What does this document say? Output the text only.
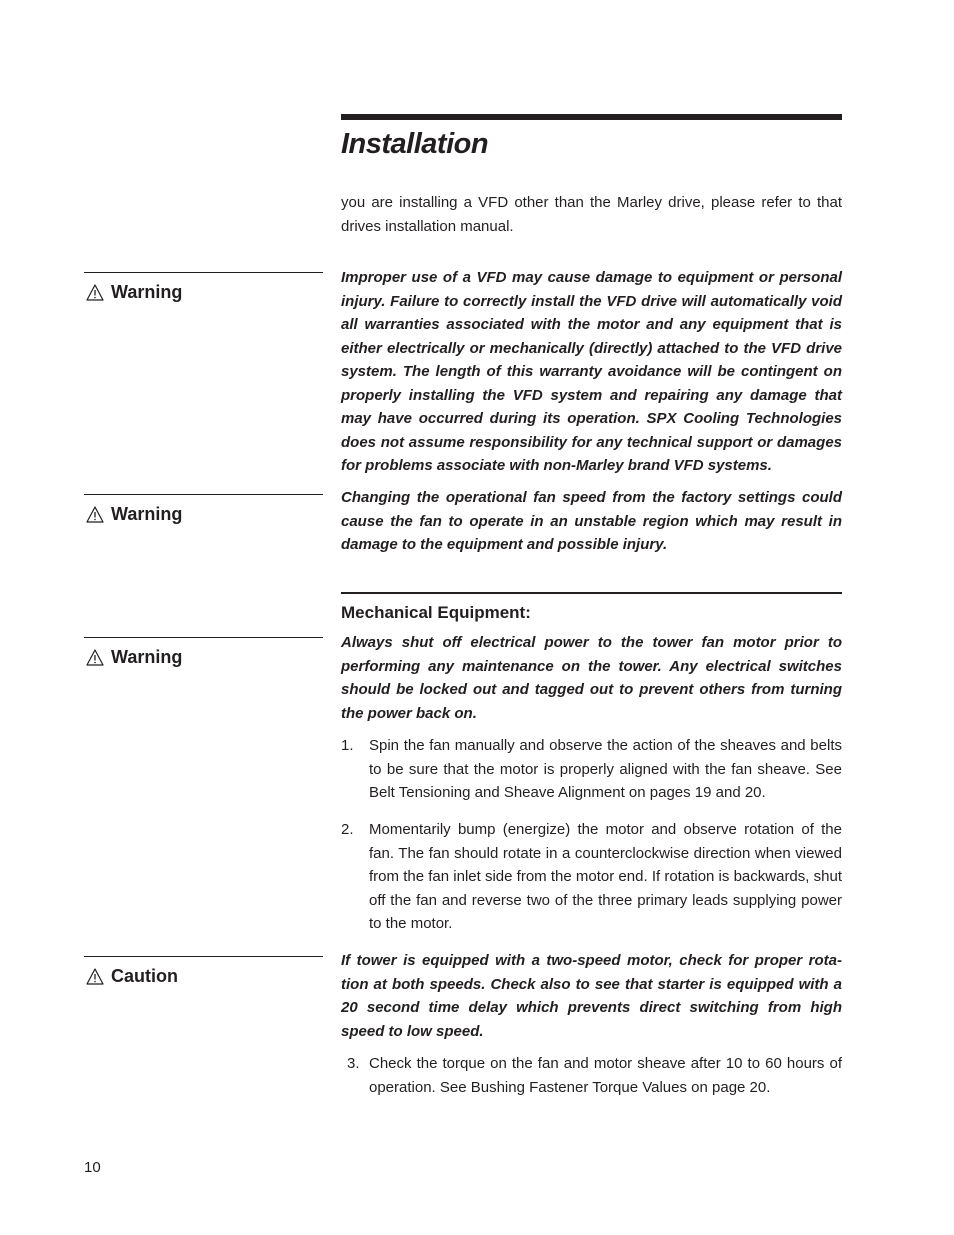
Installation
you are installing a VFD other than the Marley drive, please refer to that drives installation manual.
Warning
Improper use of a VFD may cause damage to equipment or personal injury. Failure to correctly install the VFD drive will automatically void all warranties associated with the motor and any equipment that is either electrically or mechanically (directly) attached to the VFD drive system. The length of this warranty avoidance will be contingent on properly installing the VFD system and repairing any damage that may have occurred during its operation. SPX Cooling Technologies does not assume responsibility for any technical support or damages for problems associate with non-Marley brand VFD systems.
Warning
Changing the operational fan speed from the factory settings could cause the fan to operate in an unstable region which may result in damage to the equipment and possible injury.
Mechanical Equipment:
Warning
Always shut off electrical power to the tower fan motor prior to performing any maintenance on the tower. Any electrical switches should be locked out and tagged out to prevent others from turning the power back on.
1.	Spin the fan manually and observe the action of the sheaves and belts to be sure that the motor is properly aligned with the fan sheave. See Belt Tensioning and Sheave Alignment on pages 19 and 20.
2.	Momentarily bump (energize) the motor and observe rotation of the fan. The fan should rotate in a counterclockwise direction when viewed from the fan inlet side from the motor end. If rotation is backwards, shut off the fan and reverse two of the three primary leads supplying power to the motor.
Caution
If tower is equipped with a two-speed motor, check for proper rota-tion at both speeds. Check also to see that starter is equipped with a 20 second time delay which prevents direct switching from high speed to low speed.
3. Check the torque on the fan and motor sheave after 10 to 60 hours of operation. See Bushing Fastener Torque Values on page 20.
10
